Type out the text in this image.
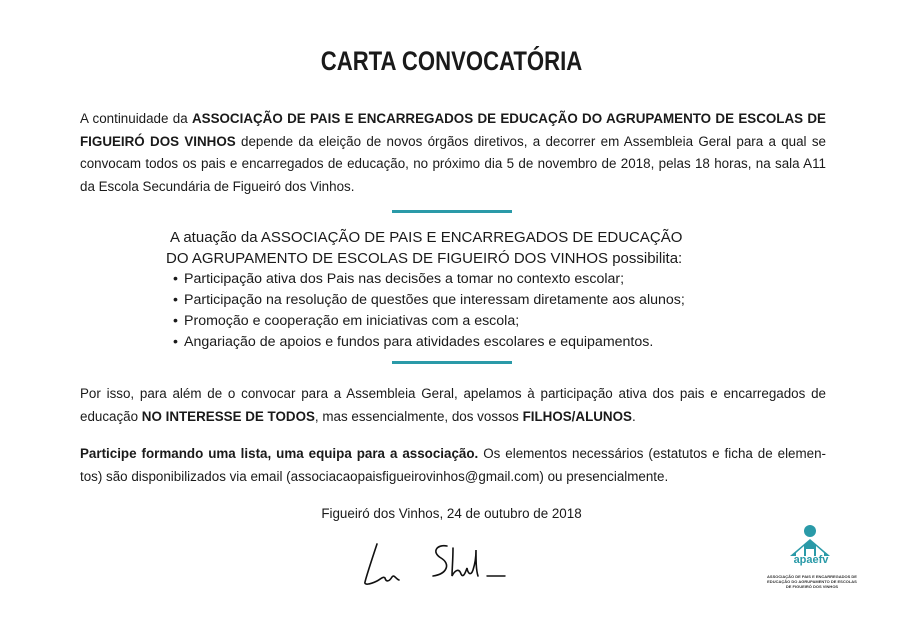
CARTA CONVOCATÓRIA
A continuidade da ASSOCIAÇÃO DE PAIS E ENCARREGADOS DE EDUCAÇÃO DO AGRUPAMENTO DE ESCOLAS DE FIGUEIRÓ DOS VINHOS depende da eleição de novos órgãos diretivos, a decorrer em Assembleia Geral para a qual se convocam todos os pais e encarregados de educação, no próximo dia 5 de novembro de 2018, pelas 18 horas, na sala A11 da Escola Secundária de Figueiró dos Vinhos.
A atuação da ASSOCIAÇÃO DE PAIS E ENCARREGADOS DE EDUCAÇÃO
DO AGRUPAMENTO DE ESCOLAS DE FIGUEIRÓ DOS VINHOS possibilita:
• Participação ativa dos Pais nas decisões a tomar no contexto escolar;
• Participação na resolução de questões que interessam diretamente aos alunos;
• Promoção e cooperação em iniciativas com a escola;
• Angariação de apoios e fundos para atividades escolares e equipamentos.
Por isso, para além de o convocar para a Assembleia Geral, apelamos à participação ativa dos pais e encarregados de educação NO INTERESSE DE TODOS, mas essencialmente, dos vossos FILHOS/ALUNOS.
Participe formando uma lista, uma equipa para a associação. Os elementos necessários (estatutos e ficha de elemen-tos) são disponibilizados via email (associacaopaisfigueirovinhos@gmail.com) ou presencialmente.
Figueiró dos Vinhos, 24 de outubro de 2018
apaefv
ASSOCIAÇÃO DE PAIS E ENCARREGADOS DE EDUCAÇÃO DO AGRUPAMENTO DE ESCOLAS DE FIGUEIRÓ DOS VINHOS
